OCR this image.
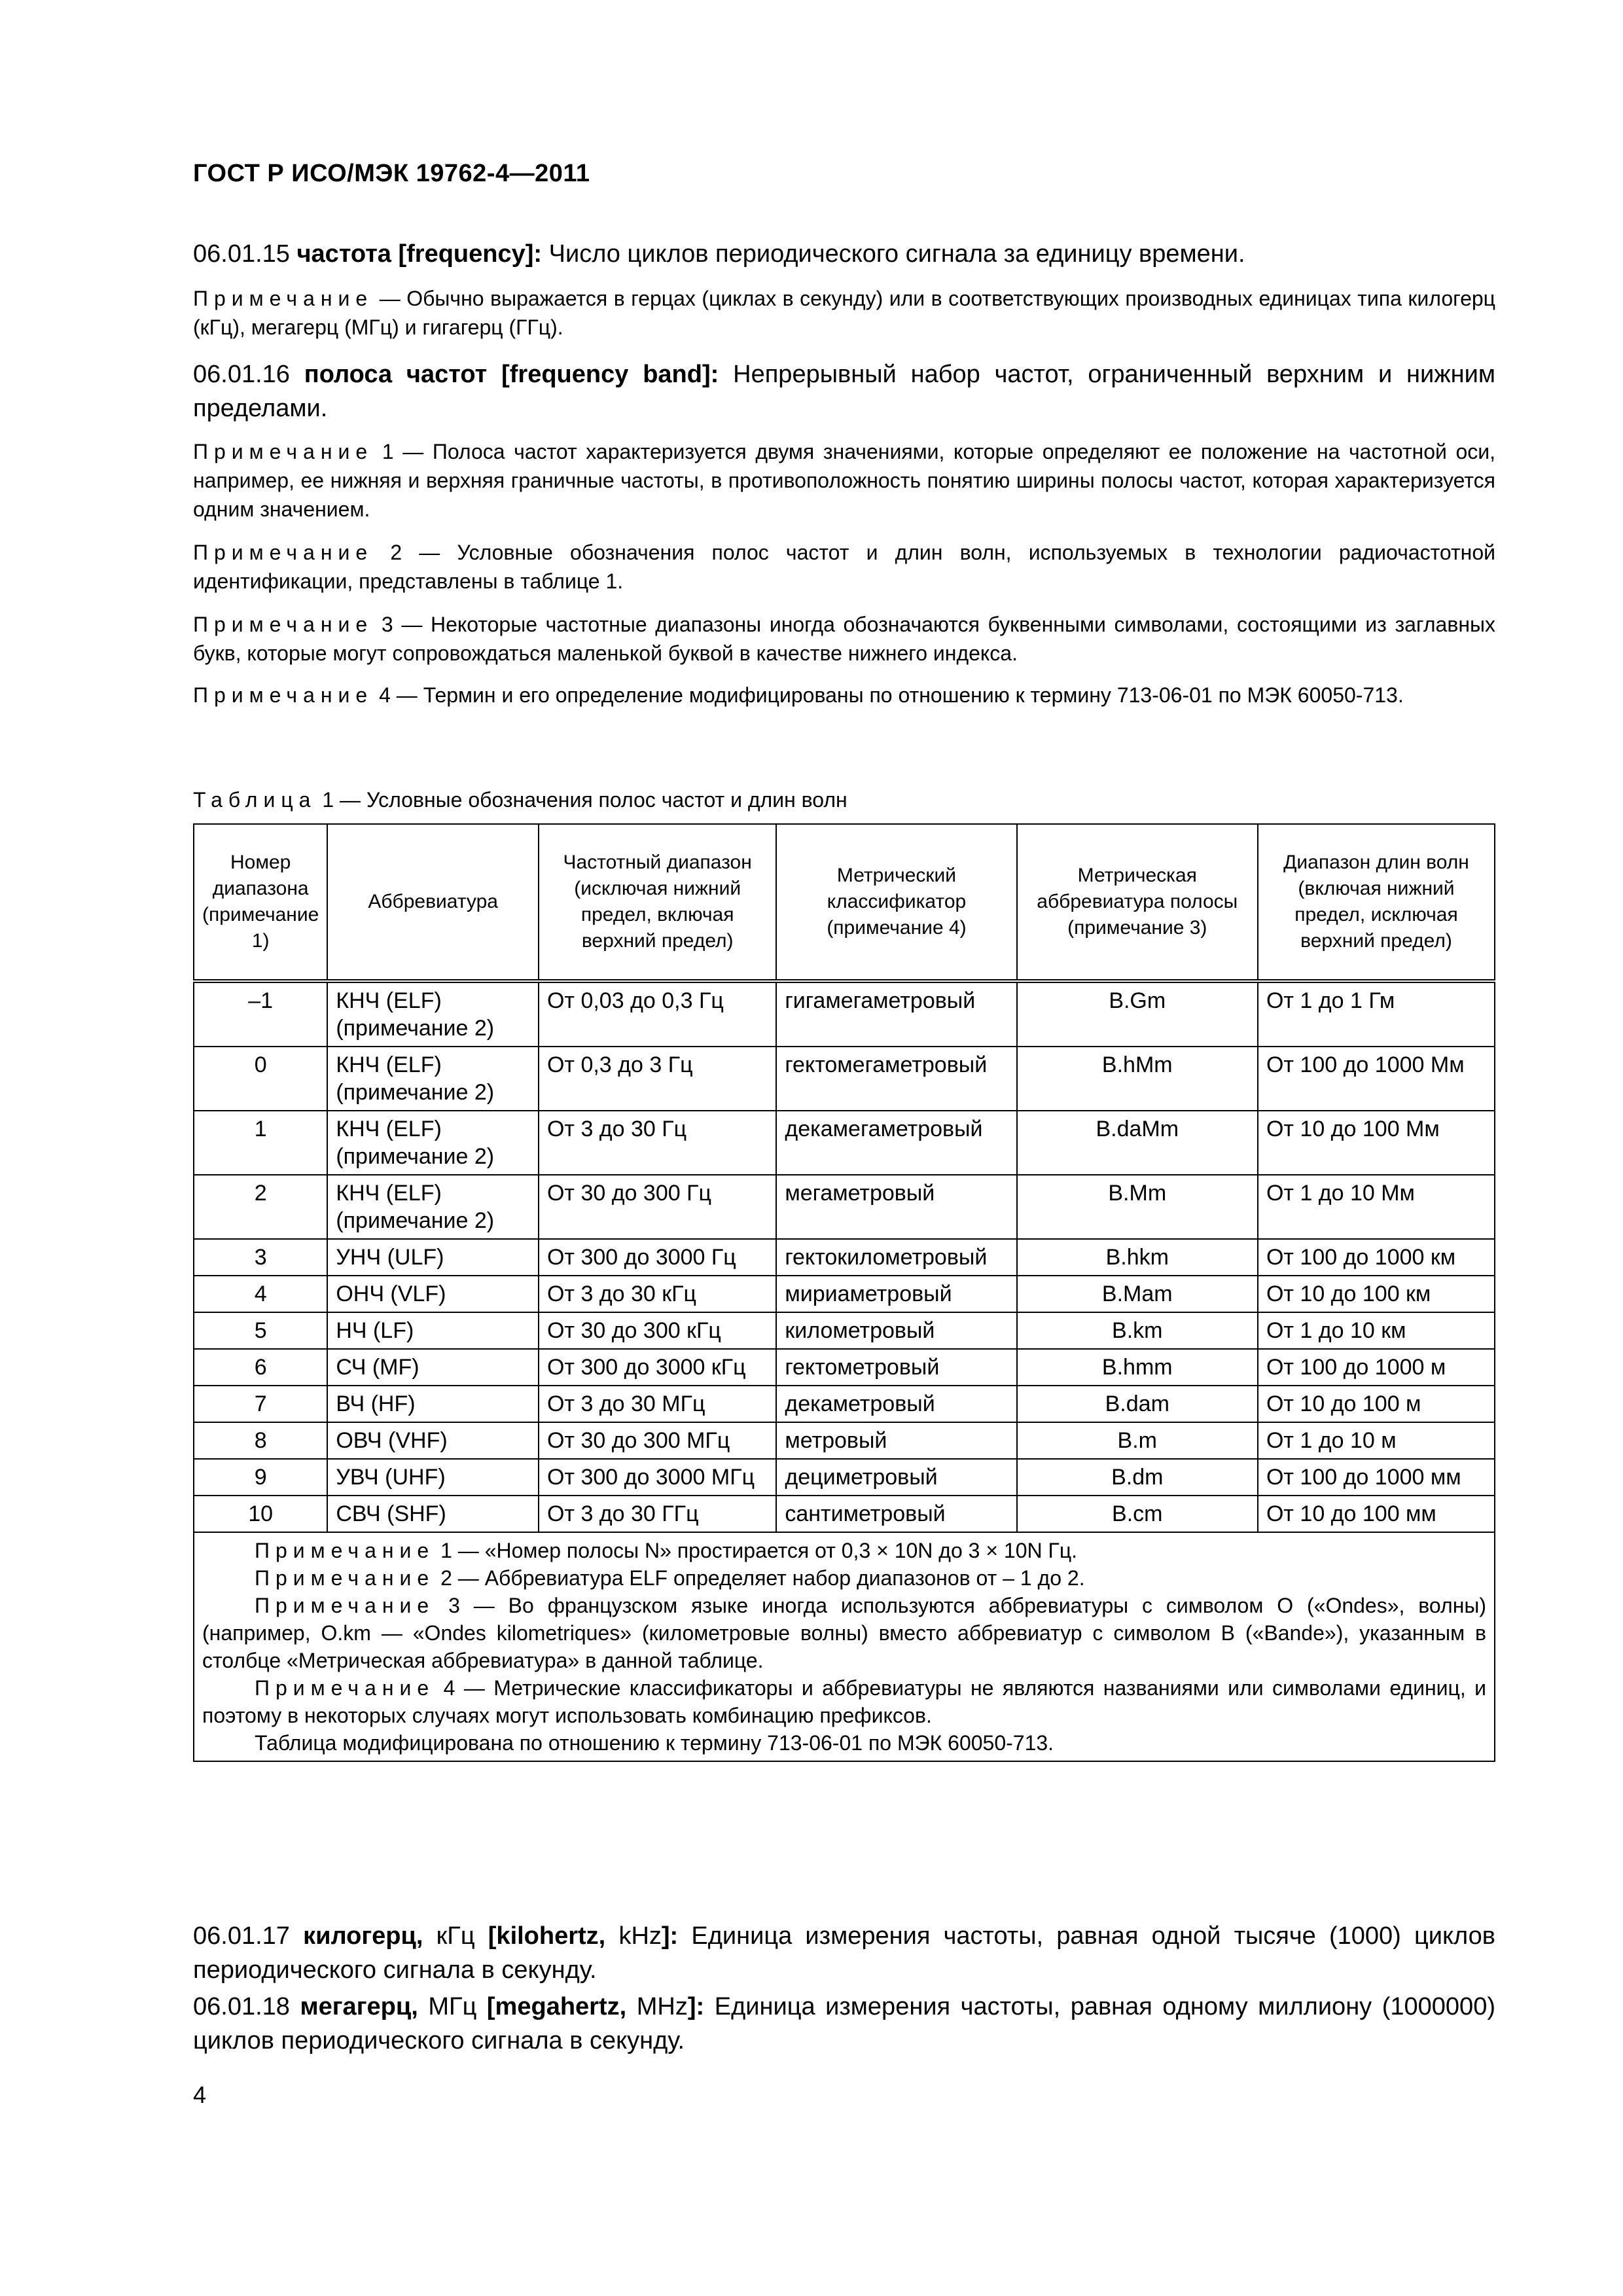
ГОСТ Р ИСО/МЭК 19762-4—2011
06.01.15 частота [frequency]: Число циклов периодического сигнала за единицу времени.
Примечание — Обычно выражается в герцах (циклах в секунду) или в соответствующих производных единицах типа килогерц (кГц), мегагерц (МГц) и гигагерц (ГГц).
06.01.16 полоса частот [frequency band]: Непрерывный набор частот, ограниченный верхним и нижним пределами.
Примечание 1 — Полоса частот характеризуется двумя значениями, которые определяют ее положение на частотной оси, например, ее нижняя и верхняя граничные частоты, в противоположность понятию ширины полосы частот, которая характеризуется одним значением.
Примечание 2 — Условные обозначения полос частот и длин волн, используемых в технологии радиочастотной идентификации, представлены в таблице 1.
Примечание 3 — Некоторые частотные диапазоны иногда обозначаются буквенными символами, состоящими из заглавных букв, которые могут сопровождаться маленькой буквой в качестве нижнего индекса.
Примечание 4 — Термин и его определение модифицированы по отношению к термину 713-06-01 по МЭК 60050-713.
Таблица 1 — Условные обозначения полос частот и длин волн
Номер диапазона (примечание 1)	Аббревиатура	Частотный диапазон (исключая нижний предел, включая верхний предел)	Метрический классификатор (примечание 4)	Метрическая аббревиатура полосы (примечание 3)	Диапазон длин волн (включая нижний предел, исключая верхний предел)
–1	КНЧ (ELF) (примечание 2)	От 0,03 до 0,3 Гц	гигамегаметровый	B.Gm	От 1 до 1 Гм
0	КНЧ (ELF) (примечание 2)	От 0,3 до 3 Гц	гектомегаметровый	B.hMm	От 100 до 1000 Мм
1	КНЧ (ELF) (примечание 2)	От 3 до 30 Гц	декамегаметровый	B.daMm	От 10 до 100 Мм
2	КНЧ (ELF) (примечание 2)	От 30 до 300 Гц	мегаметровый	B.Mm	От 1 до 10 Мм
3	УНЧ (ULF)	От 300 до 3000 Гц	гектокилометровый	B.hkm	От 100 до 1000 км
4	ОНЧ (VLF)	От 3 до 30 кГц	мириаметровый	B.Mam	От 10 до 100 км
5	НЧ (LF)	От 30 до 300 кГц	километровый	B.km	От 1 до 10 км
6	СЧ (MF)	От 300 до 3000 кГц	гектометровый	B.hmm	От 100 до 1000 м
7	ВЧ (HF)	От 3 до 30 МГц	декаметровый	B.dam	От 10 до 100 м
8	ОВЧ (VHF)	От 30 до 300 МГц	метровый	B.m	От 1 до 10 м
9	УВЧ (UHF)	От 300 до 3000 МГц	дециметровый	B.dm	От 100 до 1000 мм
10	СВЧ (SHF)	От 3 до 30 ГГц	сантиметровый	B.cm	От 10 до 100 мм

Примечание 1 — «Номер полосы N» простирается от 0,3 × 10N до 3 × 10N Гц.

Примечание 2 — Аббревиатура ELF определяет набор диапазонов от – 1 до 2.

Примечание 3 — Во французском языке иногда используются аббревиатуры с символом О («Ondes», волны) (например, O.km — «Ondes kilometriques» (километровые волны) вместо аббревиатур с символом В («Bande»), указанным в столбце «Метрическая аббревиатура» в данной таблице.

Примечание 4 — Метрические классификаторы и аббревиатуры не являются названиями или символами единиц, и поэтому в некоторых случаях могут использовать комбинацию префиксов.

Таблица модифицирована по отношению к термину 713-06-01 по МЭК 60050-713.					

06.01.17 килогерц, кГц [kilohertz, kHz]: Единица измерения частоты, равная одной тысяче (1000) циклов периодического сигнала в секунду.
06.01.18 мегагерц, МГц [megahertz, MHz]: Единица измерения частоты, равная одному миллиону (1000000) циклов периодического сигнала в секунду.
4
